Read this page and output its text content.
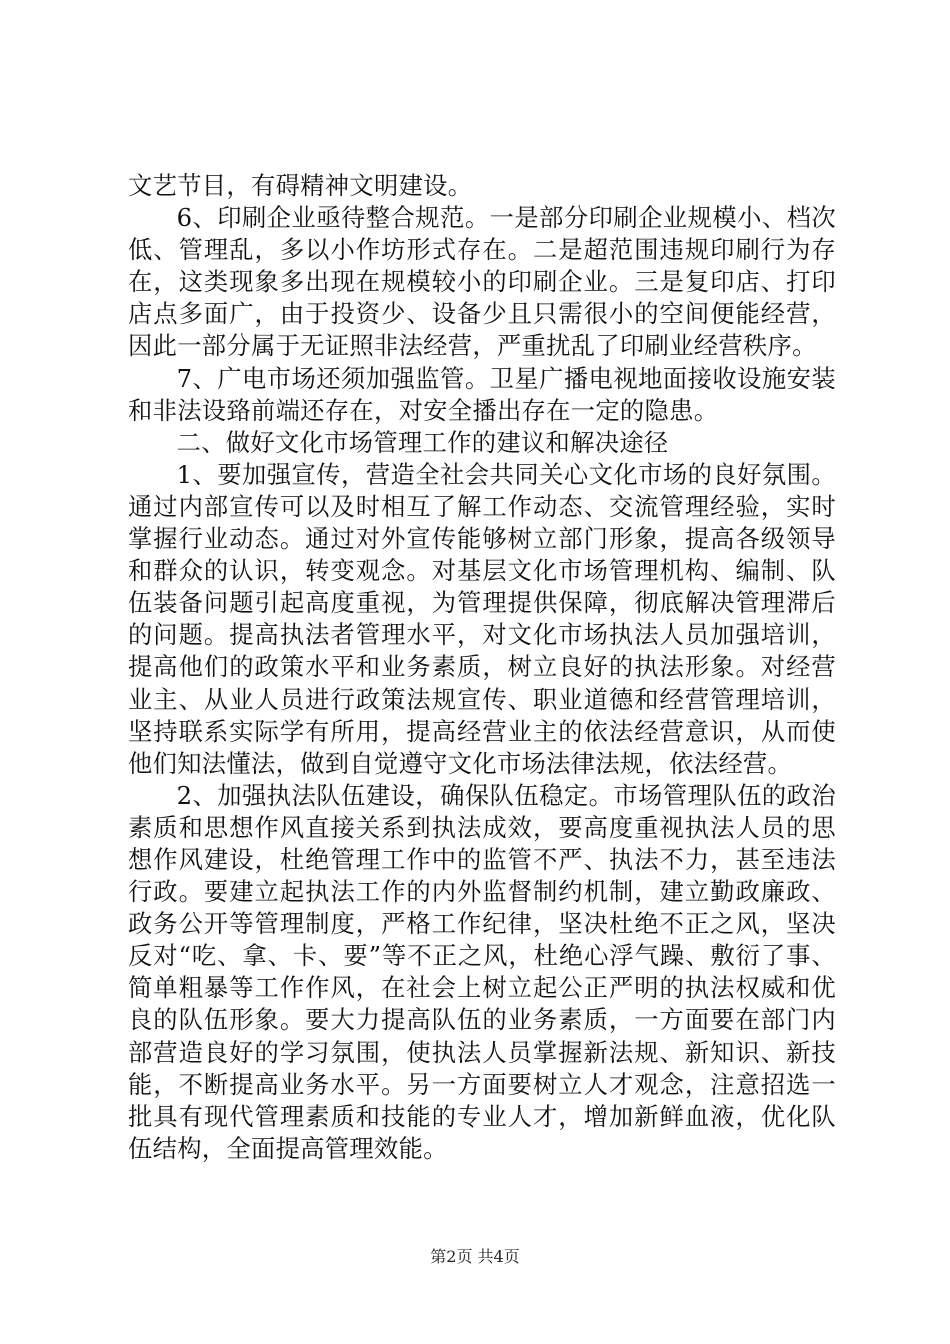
文艺节目，有碍精神文明建设。

6、印刷企业亟待整合规范。一是部分印刷企业规模小、档次低、管理乱，多以小作坊形式存在。二是超范围违规印刷行为存在，这类现象多出现在规模较小的印刷企业。三是复印店、打印店点多面广，由于投资少、设备少且只需很小的空间便能经营，因此一部分属于无证照非法经营，严重扰乱了印刷业经营秩序。

7、广电市场还须加强监管。卫星广播电视地面接收设施安装和非法设臵前端还存在，对安全播出存在一定的隐患。

二、做好文化市场管理工作的建议和解决途径

1、要加强宣传，营造全社会共同关心文化市场的良好氛围。通过内部宣传可以及时相互了解工作动态、交流管理经验，实时掌握行业动态。通过对外宣传能够树立部门形象，提高各级领导和群众的认识，转变观念。对基层文化市场管理机构、编制、队伍装备问题引起高度重视，为管理提供保障，彻底解决管理滞后的问题。提高执法者管理水平，对文化市场执法人员加强培训，提高他们的政策水平和业务素质，树立良好的执法形象。对经营业主、从业人员进行政策法规宣传、职业道德和经营管理培训，坚持联系实际学有所用，提高经营业主的依法经营意识，从而使他们知法懂法，做到自觉遵守文化市场法律法规，依法经营。

2、加强执法队伍建设，确保队伍稳定。市场管理队伍的政治素质和思想作风直接关系到执法成效，要高度重视执法人员的思想作风建设，杜绝管理工作中的监管不严、执法不力，甚至违法行政。要建立起执法工作的内外监督制约机制，建立勤政廉政、政务公开等管理制度，严格工作纪律，坚决杜绝不正之风，坚决反对“吃、拿、卡、要”等不正之风，杜绝心浮气躁、敷衍了事、简单粗暴等工作作风，在社会上树立起公正严明的执法权威和优良的队伍形象。要大力提高队伍的业务素质，一方面要在部门内部营造良好的学习氛围，使执法人员掌握新法规、新知识、新技能，不断提高业务水平。另一方面要树立人才观念，注意招选一批具有现代管理素质和技能的专业人才，增加新鲜血液，优化队伍结构，全面提高管理效能。

第2页 共4页
